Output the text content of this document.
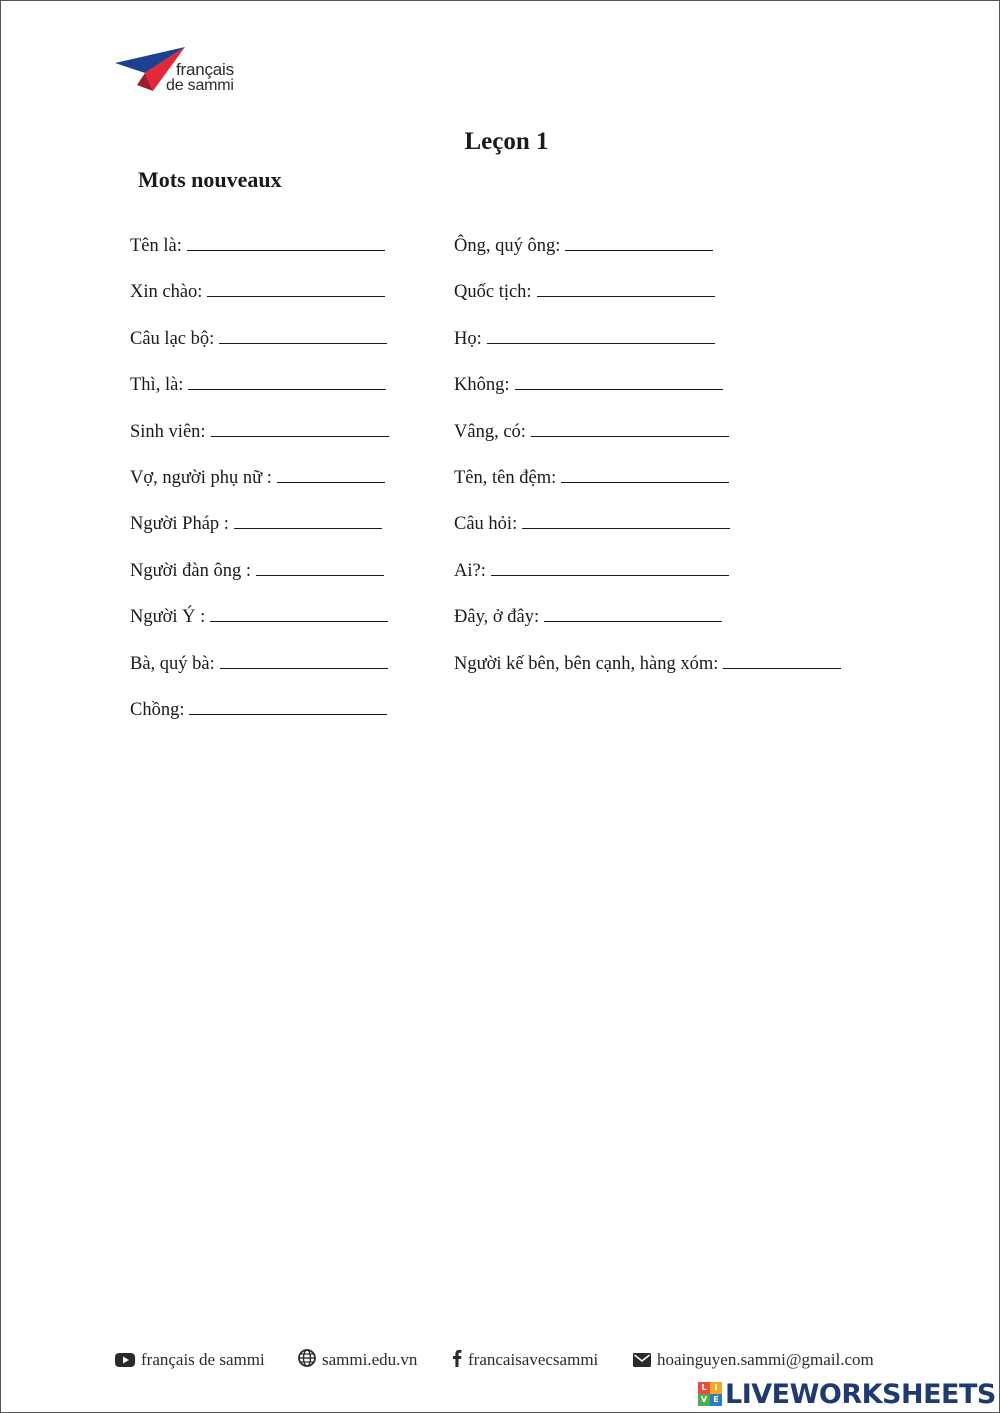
français
de sammi
Leçon 1
Mots nouveaux
Tên là:
Xin chào:
Câu lạc bộ:
Thì, là:
Sinh viên:
Vợ, người phụ nữ :
Người Pháp :
Người đàn ông :
Người Ý :
Bà, quý bà:
Chồng:
Ông, quý ông:
Quốc tịch:
Họ:
Không:
Vâng, có:
Tên, tên đệm:
Câu hỏi:
Ai?:
Đây, ở đây:
Người kế bên, bên cạnh, hàng xóm:
français de sammi	sammi.edu.vn	francaisavecsammi	hoainguyen.sammi@gmail.com
L I
V E LIVEWORKSHEETS
